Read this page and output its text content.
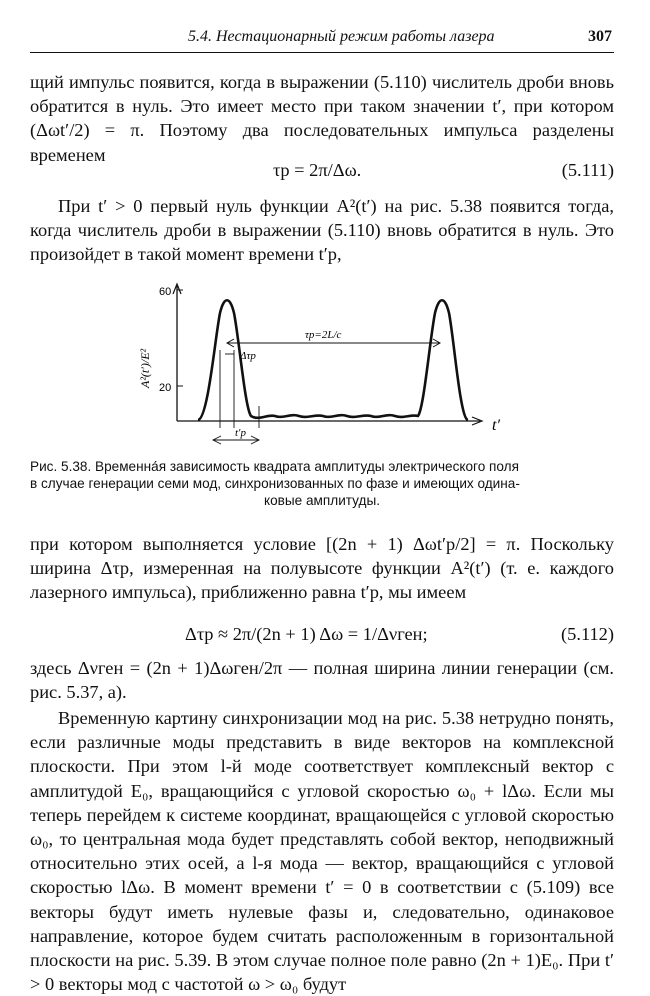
5.4. Нестационарный режим работы лазера	307

щий импульс появится, когда в выражении (5.110) числитель дроби вновь обратится в нуль. Это имеет место при таком значении t′, при котором (Δωt′/2) = π. Поэтому два последовательных импульса разделены временем

τp = 2π/Δω.	(5.111)

При t′ > 0 первый нуль функции A²(t′) на рис. 5.38 появится тогда, когда числитель дроби в выражении (5.110) вновь обратится в нуль. Это произойдет в такой момент времени t′p,

60
20
A²(t′)/E²
t′
τp=2L/c
Δτp
t′p

Рис. 5.38. Временна́я зависимость квадрата амплитуды электрического поля

в случае генерации семи мод, синхронизованных по фазе и имеющих одина-

ковые амплитуды.

при котором выполняется условие [(2n + 1) Δωt′p/2] = π. Поскольку ширина Δτp, измеренная на полувысоте функции A²(t′) (т. е. каждого лазерного импульса), приближенно равна t′p, мы имеем

Δτp ≈ 2π/(2n + 1) Δω = 1/Δνген;	(5.112)

здесь Δνген = (2n + 1)Δωген/2π — полная ширина линии генерации (см. рис. 5.37, a).

Временную картину синхронизации мод на рис. 5.38 нетрудно понять, если различные моды представить в виде векторов на комплексной плоскости. При этом l-й моде соответствует комплексный вектор с амплитудой E₀, вращающийся с угловой скоростью ω₀ + lΔω. Если мы теперь перейдем к системе координат, вращающейся с угловой скоростью ω₀, то центральная мода будет представлять собой вектор, неподвижный относительно этих осей, а l-я мода — вектор, вращающийся с угловой скоростью lΔω. В момент времени t′ = 0 в соответствии с (5.109) все векторы будут иметь нулевые фазы и, следовательно, одинаковое направление, которое будем считать расположенным в горизонтальной плоскости на рис. 5.39. В этом случае полное поле равно (2n + 1)E₀. При t′ > 0 векторы мод с частотой ω > ω₀ будут
